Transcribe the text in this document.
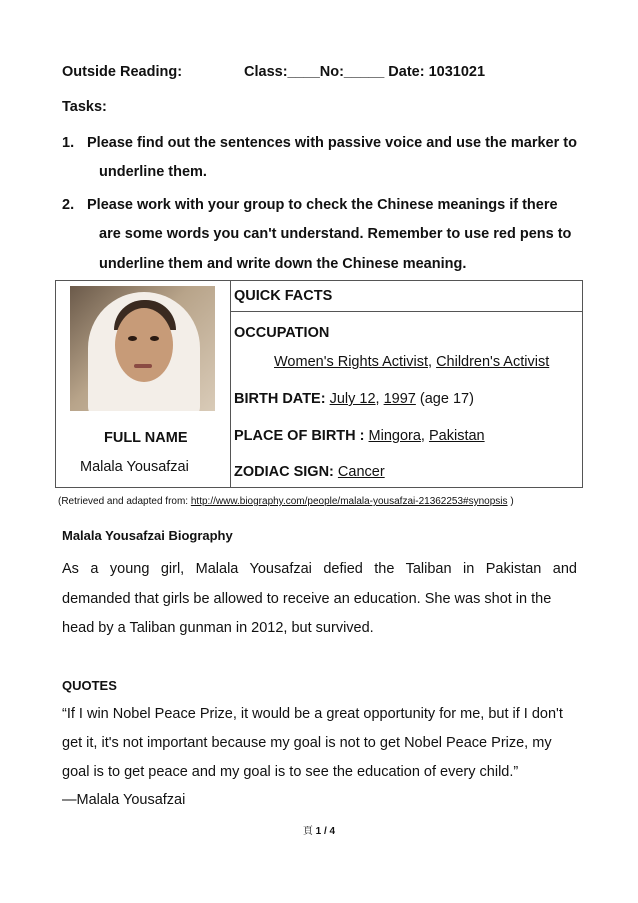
Outside Reading:	Class:____No:_____ Date: 1031021
Tasks:
1. Please find out the sentences with passive voice and use the marker to
underline them.
2. Please work with your group to check the Chinese meanings if there
are some words you can't understand. Remember to use red pens to
underline them and write down the Chinese meaning.
FULL NAME
Malala Yousafzai
QUICK FACTS
OCCUPATION
Women's Rights Activist, Children's Activist
BIRTH DATE: July 12, 1997 (age 17)
PLACE OF BIRTH : Mingora, Pakistan
ZODIAC SIGN: Cancer
(Retrieved and adapted from: http://www.biography.com/people/malala-yousafzai-21362253#synopsis )
Malala Yousafzai Biography
As a young girl, Malala Yousafzai defied the Taliban in Pakistan and
demanded that girls be allowed to receive an education. She was shot in the
head by a Taliban gunman in 2012, but survived.
QUOTES
“If I win Nobel Peace Prize, it would be a great opportunity for me, but if I don't
get it, it's not important because my goal is not to get Nobel Peace Prize, my
goal is to get peace and my goal is to see the education of every child.”
—Malala Yousafzai
頁 1 / 4
